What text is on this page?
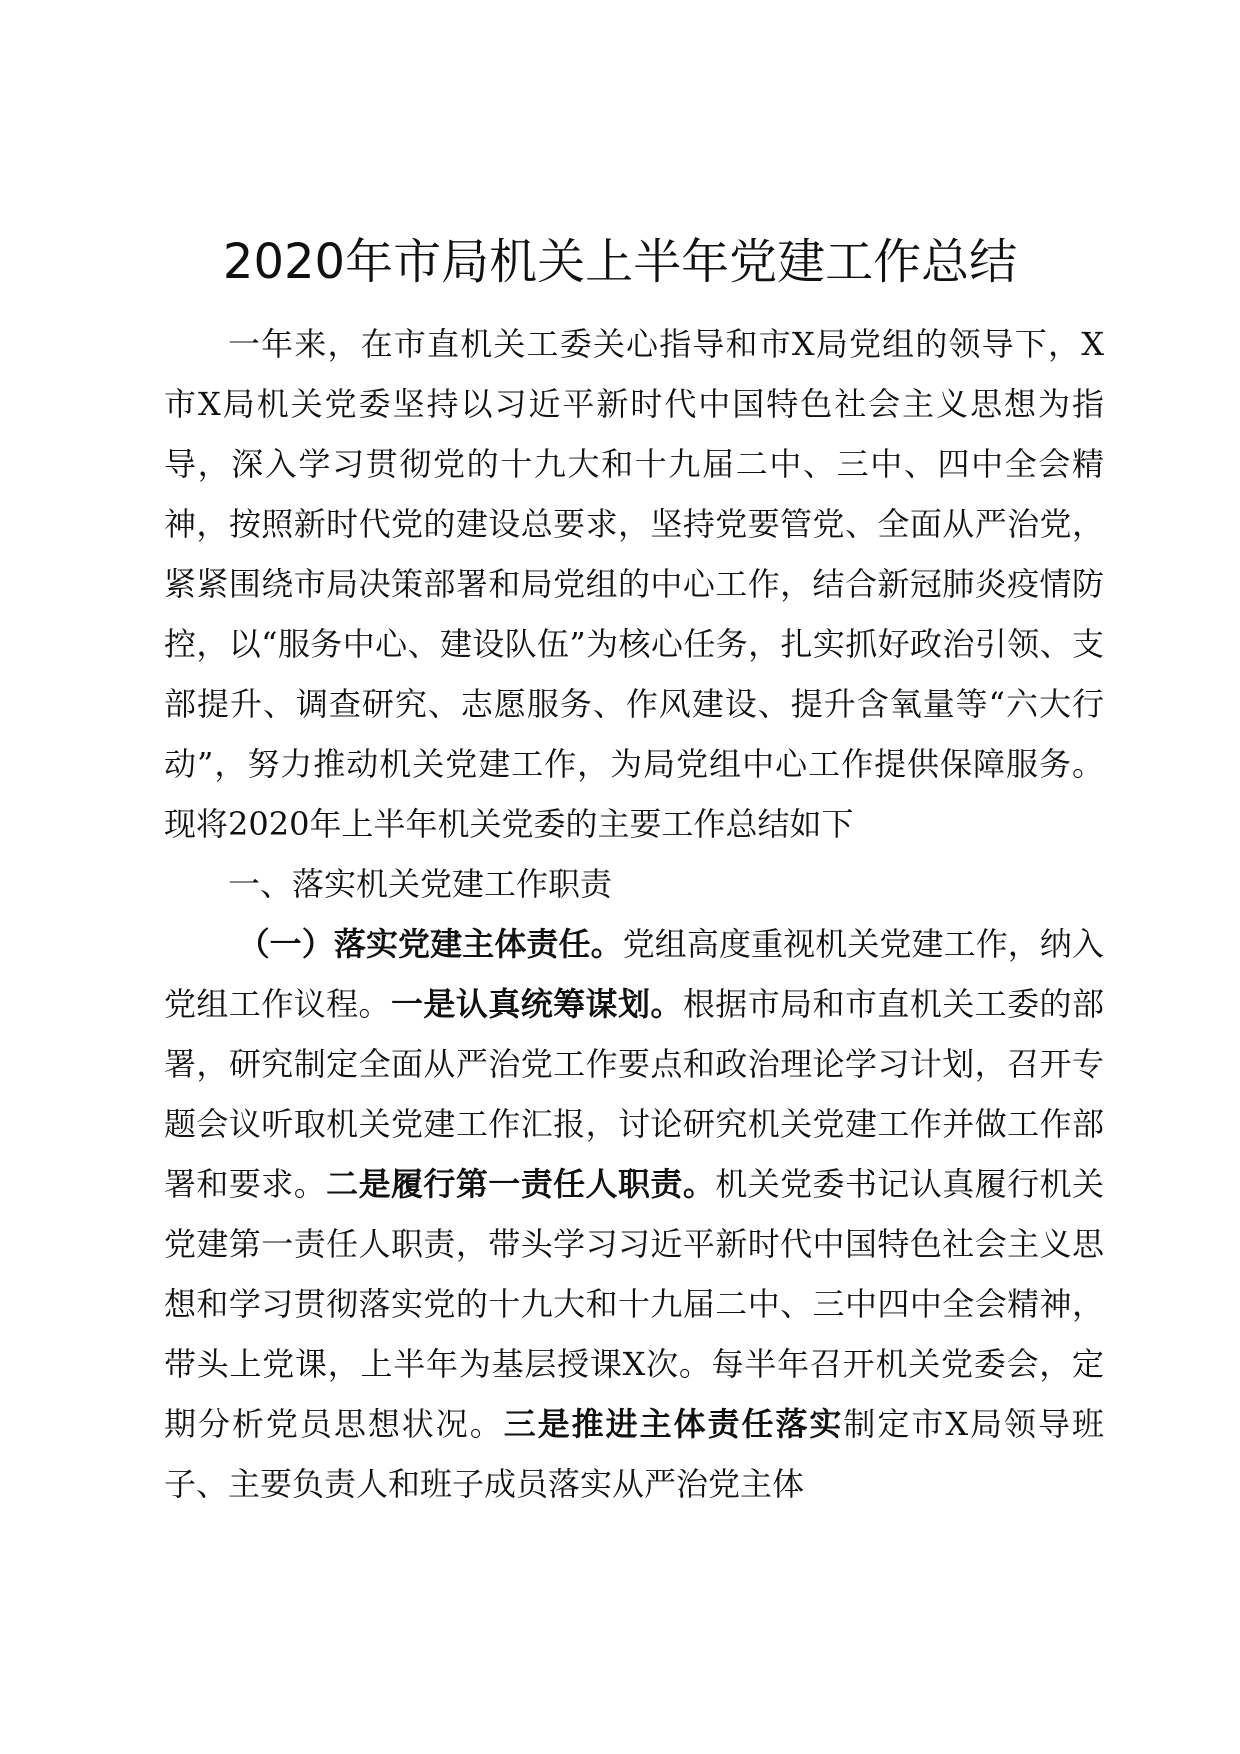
2020年市局机关上半年党建工作总结

一年来，在市直机关工委关心指导和市X局党组的领导下，X市X局机关党委坚持以习近平新时代中国特色社会主义思想为指导，深入学习贯彻党的十九大和十九届二中、三中、四中全会精神，按照新时代党的建设总要求，坚持党要管党、全面从严治党，紧紧围绕市局决策部署和局党组的中心工作，结合新冠肺炎疫情防控，以“服务中心、建设队伍”为核心任务，扎实抓好政治引领、支部提升、调查研究、志愿服务、作风建设、提升含氧量等“六大行动”，努力推动机关党建工作，为局党组中心工作提供保障服务。现将2020年上半年机关党委的主要工作总结如下

一、落实机关党建工作职责

（一）落实党建主体责任。党组高度重视机关党建工作，纳入党组工作议程。一是认真统筹谋划。根据市局和市直机关工委的部署，研究制定全面从严治党工作要点和政治理论学习计划，召开专题会议听取机关党建工作汇报，讨论研究机关党建工作并做工作部署和要求。二是履行第一责任人职责。机关党委书记认真履行机关党建第一责任人职责，带头学习习近平新时代中国特色社会主义思想和学习贯彻落实党的十九大和十九届二中、三中四中全会精神，带头上党课，上半年为基层授课X次。每半年召开机关党委会，定期分析党员思想状况。三是推进主体责任落实制定市X局领导班子、主要负责人和班子成员落实从严治党主体
